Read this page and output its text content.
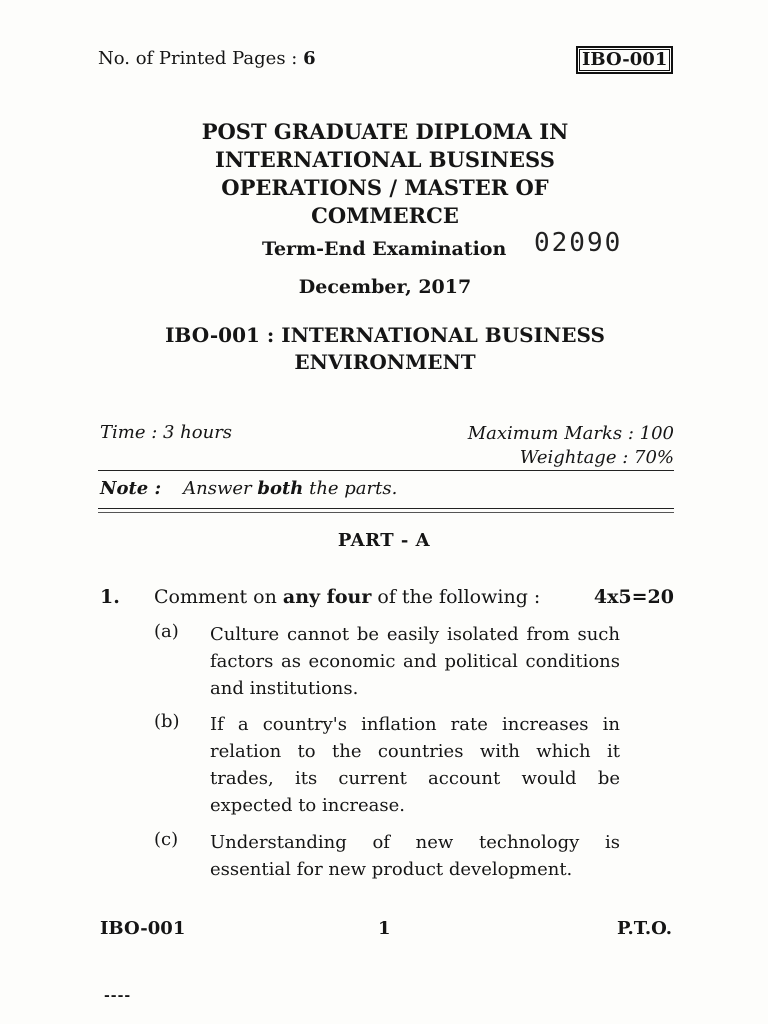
No. of Printed Pages : 6	IBO-001
POST GRADUATE DIPLOMA IN
INTERNATIONAL BUSINESS
OPERATIONS / MASTER OF
COMMERCE
Term-End Examination 02090
December, 2017
IBO-001 : INTERNATIONAL BUSINESS
ENVIRONMENT
Time : 3 hours	Maximum Marks : 100
Weightage : 70%
Note : Answer both the parts.
PART - A
1. Comment on any four of the following :	4x5=20
(a) Culture cannot be easily isolated from such factors as economic and political conditions and institutions.
(b) If a country's inflation rate increases in relation to the countries with which it trades, its current account would be expected to increase.
(c) Understanding of new technology is essential for new product development.
IBO-001	1	P.T.O.
----
